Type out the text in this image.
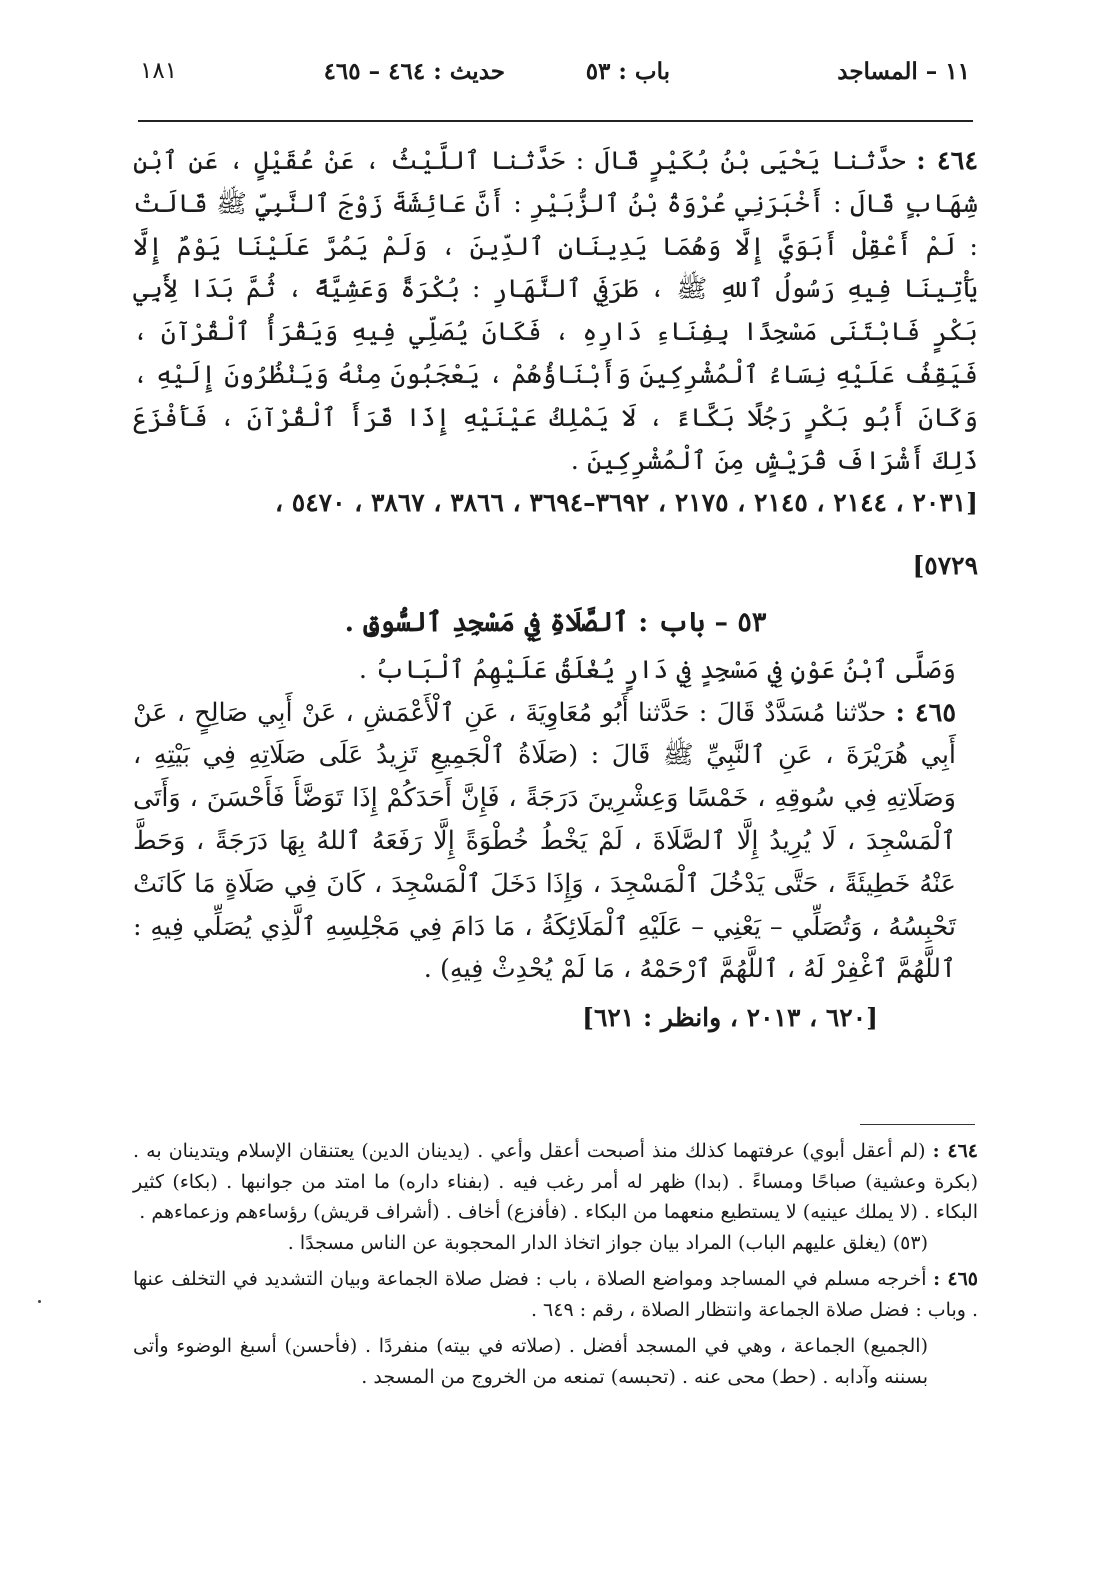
١١ – المساجد
باب : ٥٣
حديث : ٤٦٤ – ٤٦٥
١٨١

٤٦٤ : حدَّثنا يَحْيَى بْنُ بُكَيْرٍ قَالَ : حَدَّثنا ٱللَّيْثُ ، عَنْ عُقَيْلٍ ، عَنِ ٱبْنِ شِهَابٍ قَالَ : أَخْبَرَنِي عُرْوَةُ بْنُ ٱلزُّبَيْرِ : أَنَّ عَائِشَةَ زَوْجَ ٱلنَّبِيِّ ﷺ قَالَتْ : لَمْ أَعْقِلْ أَبَوَيَّ إِلَّا وَهُمَا يَدِينَانِ ٱلدِّينَ ، وَلَمْ يَمُرَّ عَلَيْنَا يَوْمٌ إِلَّا يَأْتِينَا فِيهِ رَسُولُ ٱللهِ ﷺ ، طَرَفَيِ ٱلنَّهَارِ : بُكْرَةً وَعَشِيَّةً ، ثُمَّ بَدَا لِأَبِي بَكْرٍ فَابْتَنَى مَسْجِدًا بِفِنَاءِ دَارِهِ ، فَكَانَ يُصَلِّي فِيهِ وَيَقْرَأُ ٱلْقُرْآنَ ، فَيَقِفُ عَلَيْهِ نِسَاءُ ٱلْمُشْرِكِينَ وَأَبْنَاؤُهُمْ ، يَعْجَبُونَ مِنْهُ وَيَنْظُرُونَ إِلَيْهِ ، وَكَانَ أَبُو بَكْرٍ رَجُلًا بَكَّاءً ، لَا يَمْلِكُ عَيْنَيْهِ إِذَا قَرَأَ ٱلْقُرْآنَ ، فَأَفْزَعَ ذَلِكَ أَشْرَافَ قُرَيْشٍ مِنَ ٱلْمُشْرِكِينَ .

[٢٠٣١ ، ٢١٤٤ ، ٢١٤٥ ، ٢١٧٥ ، ٣٦٩٢–٣٦٩٤ ، ٣٨٦٦ ، ٣٨٦٧ ، ٥٤٧٠ ،

٥٧٢٩]

٥٣ – باب : ٱلصَّلَاةِ فِي مَسْجِدِ ٱلسُّوقِ .

وَصَلَّى ٱبْنُ عَوْنٍ فِي مَسْجِدٍ فِي دَارٍ يُغْلَقُ عَلَيْهِمُ ٱلْبَابُ .

٤٦٥ : حدّثنا مُسَدَّدٌ قَالَ : حَدَّثنا أَبُو مُعَاوِيَةَ ، عَنِ ٱلْأَعْمَشِ ، عَنْ أَبِي صَالِحٍ ، عَنْ أَبِي هُرَيْرَةَ ، عَنِ ٱلنَّبِيِّ ﷺ قَالَ : (صَلَاةُ ٱلْجَمِيعِ تَزِيدُ عَلَى صَلَاتِهِ فِي بَيْتِهِ ، وَصَلَاتِهِ فِي سُوقِهِ ، خَمْسًا وَعِشْرِينَ دَرَجَةً ، فَإِنَّ أَحَدَكُمْ إِذَا تَوَضَّأَ فَأَحْسَنَ ، وَأَتَى ٱلْمَسْجِدَ ، لَا يُرِيدُ إِلَّا ٱلصَّلَاةَ ، لَمْ يَخْطُ خُطْوَةً إِلَّا رَفَعَهُ ٱللهُ بِهَا دَرَجَةً ، وَحَطَّ عَنْهُ خَطِيئَةً ، حَتَّى يَدْخُلَ ٱلْمَسْجِدَ ، وَإِذَا دَخَلَ ٱلْمَسْجِدَ ، كَانَ فِي صَلَاةٍ مَا كَانَتْ تَحْبِسُهُ ، وَتُصَلِّي – يَعْنِي – عَلَيْهِ ٱلْمَلَائِكَةُ ، مَا دَامَ فِي مَجْلِسِهِ ٱلَّذِي يُصَلِّي فِيهِ : ٱللَّهُمَّ ٱغْفِرْ لَهُ ، ٱللَّهُمَّ ٱرْحَمْهُ ، مَا لَمْ يُحْدِثْ فِيهِ) .

[٦٢٠ ، ٢٠١٣ ، وانظر : ٦٢١]

٤٦٤ : (لم أعقل أبوي) عرفتهما كذلك منذ أصبحت أعقل وأعي . (يدينان الدين) يعتنقان الإسلام ويتدينان به . (بكرة وعشية) صباحًا ومساءً . (بدا) ظهر له أمر رغب فيه . (بفناء داره) ما امتد من جوانبها . (بكاء) كثير البكاء . (لا يملك عينيه) لا يستطيع منعهما من البكاء . (فأفزع) أخاف . (أشراف قريش) رؤساءهم وزعماءهم .

(٥٣) (يغلق عليهم الباب) المراد بيان جواز اتخاذ الدار المحجوبة عن الناس مسجدًا .

٤٦٥ : أخرجه مسلم في المساجد ومواضع الصلاة ، باب : فضل صلاة الجماعة وبيان التشديد في التخلف عنها . وباب : فضل صلاة الجماعة وانتظار الصلاة ، رقم : ٦٤٩ .

(الجميع) الجماعة ، وهي في المسجد أفضل . (صلاته في بيته) منفردًا . (فأحسن) أسبغ الوضوء وأتى بسننه وآدابه . (حط) محى عنه . (تحبسه) تمنعه من الخروج من المسجد .
